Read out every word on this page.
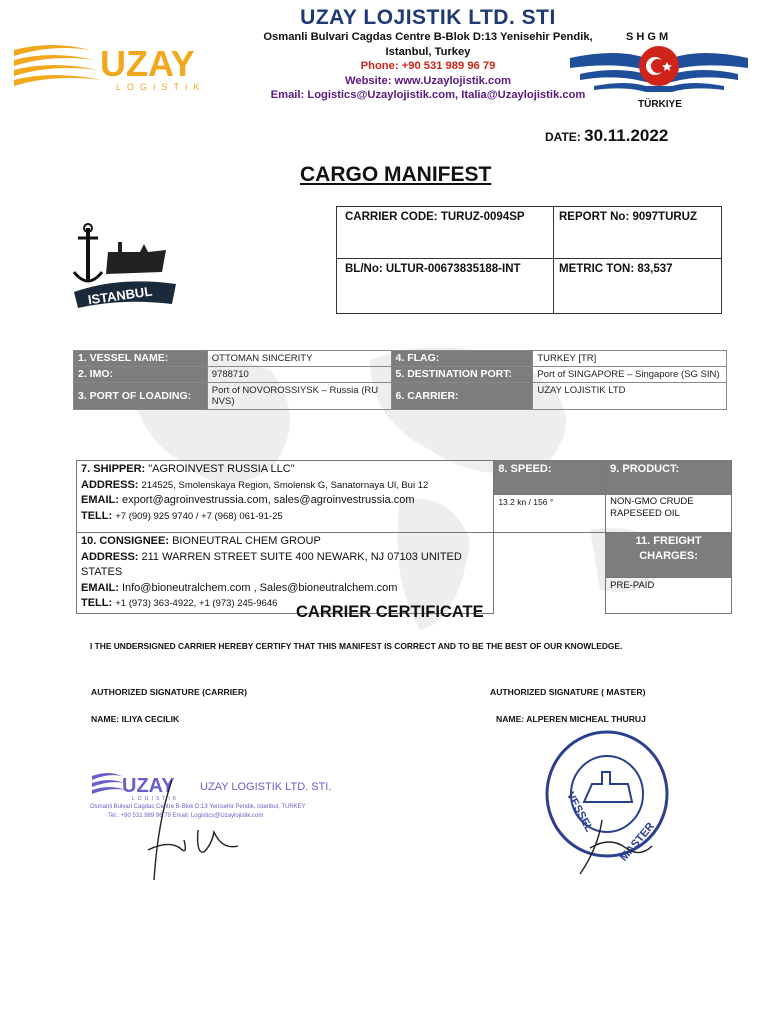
UZAY
LOGISTIK
UZAY LOJISTIK LTD. STI
Osmanli Bulvari Cagdas Centre B-Blok D:13 Yenisehir Pendik,
Istanbul, Turkey
Phone: +90 531 989 96 79
Website: www.Uzaylojistik.com
Email: Logistics@Uzaylojistik.com, Italia@Uzaylojistik.com
S H G M
TÜRKIYE
DATE: 30.11.2022
CARGO MANIFEST
ISTANBUL
CARRIER CODE: TURUZ-0094SP	REPORT No: 9097TURUZ
BL/No: ULTUR-00673835188-INT	METRIC TON: 83,537
1. VESSEL NAME:	OTTOMAN SINCERITY	4. FLAG:	TURKEY [TR]
2. IMO:	9788710	5. DESTINATION PORT:	Port of SINGAPORE – Singapore (SG SIN)
3. PORT OF LOADING:	Port of NOVOROSSIYSK – Russia (RU NVS)	6. CARRIER:	UZAY LOJISTIK LTD
7. SHIPPER: "AGROINVEST RUSSIA LLC"
ADDRESS: 214525, Smolenskaya Region, Smolensk G, Sanatornaya Ul, Bui 12
EMAIL: export@agroinvestrussia.com, sales@agroinvestrussia.com
TELL: +7 (909) 925 9740 / +7 (968) 061-91-25	8. SPEED:	9. PRODUCT:
	13.2 kn / 156 °	NON-GMO CRUDE RAPESEED OIL

10. CONSIGNEE: BIONEUTRAL CHEM GROUP
ADDRESS: 211 WARREN STREET SUITE 400 NEWARK, NJ 07103 UNITED STATES
EMAIL: Info@bioneutralchem.com , Sales@bioneutralchem.com
TELL: +1 (973) 363-4922, +1 (973) 245-9646		11. FREIGHT CHARGES:
		PRE-PAID
CARRIER CERTIFICATE
I THE UNDERSIGNED CARRIER HEREBY CERTIFY THAT THIS MANIFEST IS CORRECT AND TO BE THE BEST OF OUR KNOWLEDGE.
AUTHORIZED SIGNATURE (CARRIER)	AUTHORIZED SIGNATURE ( MASTER)
NAME: ILIYA CECILIK	NAME: ALPEREN MICHEAL THURUJ
UZAY
LOGISTIK
UZAY LOGISTIK LTD. STI.
Osmanli Bulvari Cagdas Centre B-Blok D:13 Yenisehir Pendik, Istanbul, TURKEY
Tel.: +90 531 989 96 79 Email: Logistics@Uzaylojistik.com	VESSEL
MASTER
